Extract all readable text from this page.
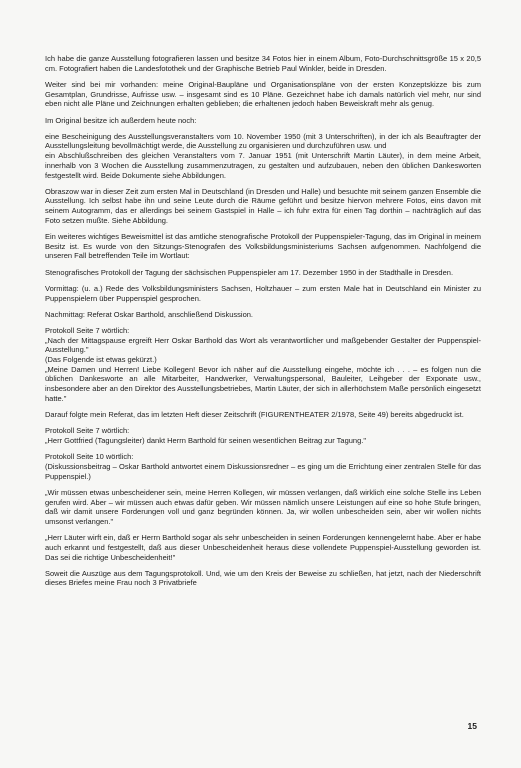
Ich habe die ganze Ausstellung fotografieren lassen und besitze 34 Fotos hier in einem Album, Foto-Durchschnittsgröße 15 x 20,5 cm. Fotografiert haben die Landesfotothek und der Graphische Betrieb Paul Winkler, beide in Dresden.

Weiter sind bei mir vorhanden: meine Original-Baupläne und Organisationspläne von der ersten Konzeptskizze bis zum Gesamtplan, Grundrisse, Aufrisse usw. – insgesamt sind es 10 Pläne. Gezeichnet habe ich damals natürlich viel mehr, nur sind eben nicht alle Pläne und Zeichnungen erhalten geblieben; die erhaltenen jedoch haben Beweiskraft mehr als genug.

Im Original besitze ich außerdem heute noch:

eine Bescheinigung des Ausstellungsveranstalters vom 10. November 1950 (mit 3 Unterschriften), in der ich als Beauftragter der Ausstellungsleitung bevollmächtigt werde, die Ausstellung zu organisieren und durchzuführen usw. und
ein Abschlußschreiben des gleichen Veranstalters vom 7. Januar 1951 (mit Unterschrift Martin Läuter), in dem meine Arbeit, innerhalb von 3 Wochen die Ausstellung zusammenzutragen, zu gestalten und aufzubauen, neben den üblichen Dankesworten festgestellt wird. Beide Dokumente siehe Abbildungen.

Obraszow war in dieser Zeit zum ersten Mal in Deutschland (in Dresden und Halle) und besuchte mit seinem ganzen Ensemble die Ausstellung. Ich selbst habe ihn und seine Leute durch die Räume geführt und besitze hiervon mehrere Fotos, eins davon mit seinem Autogramm, das er allerdings bei seinem Gastspiel in Halle – ich fuhr extra für einen Tag dorthin – nachträglich auf das Foto setzen mußte. Siehe Abbildung.

Ein weiteres wichtiges Beweismittel ist das amtliche stenografische Protokoll der Puppenspieler-Tagung, das im Original in meinem Besitz ist. Es wurde von den Sitzungs-Stenografen des Volksbildungsministeriums Sachsen aufgenommen. Nachfolgend die unseren Fall betreffenden Teile im Wortlaut:

Stenografisches Protokoll der Tagung der sächsischen Puppenspieler am 17. Dezember 1950 in der Stadthalle in Dresden.

Vormittag: (u. a.) Rede des Volksbildungsministers Sachsen, Holtzhauer – zum ersten Male hat in Deutschland ein Minister zu Puppenspielern über Puppenspiel gesprochen.

Nachmittag: Referat Oskar Barthold, anschließend Diskussion.

Protokoll Seite 7 wörtlich:
„Nach der Mittagspause ergreift Herr Oskar Barthold das Wort als verantwortlicher und maßgebender Gestalter der Puppenspiel-Ausstellung."
(Das Folgende ist etwas gekürzt.)
„Meine Damen und Herren! Liebe Kollegen! Bevor ich näher auf die Ausstellung eingehe, möchte ich . . . – es folgen nun die üblichen Dankesworte an alle Mitarbeiter, Handwerker, Verwaltungspersonal, Bauleiter, Leihgeber der Exponate usw., insbesondere aber an den Direktor des Ausstellungsbetriebes, Martin Läuter, der sich in allerhöchstem Maße persönlich eingesetzt hatte."

Darauf folgte mein Referat, das im letzten Heft dieser Zeitschrift (FIGURENTHEATER 2/1978, Seite 49) bereits abgedruckt ist.

Protokoll Seite 7 wörtlich:
„Herr Gottfried (Tagungsleiter) dankt Herrn Barthold für seinen wesentlichen Beitrag zur Tagung."

Protokoll Seite 10 wörtlich:
(Diskussionsbeitrag – Oskar Barthold antwortet einem Diskussionsredner – es ging um die Errichtung einer zentralen Stelle für das Puppenspiel.)

„Wir müssen etwas unbescheidener sein, meine Herren Kollegen, wir müssen verlangen, daß wirklich eine solche Stelle ins Leben gerufen wird. Aber – wir müssen auch etwas dafür geben. Wir müssen nämlich unsere Leistungen auf eine so hohe Stufe bringen, daß wir damit unsere Forderungen voll und ganz begründen können. Ja, wir wollen unbescheiden sein, aber wir wollen nichts umsonst verlangen."

„Herr Läuter wirft ein, daß er Herrn Barthold sogar als sehr unbescheiden in seinen Forderungen kennengelernt habe. Aber er habe auch erkannt und festgestellt, daß aus dieser Unbescheidenheit heraus diese vollendete Puppenspiel-Ausstellung geworden ist. Das sei die richtige Unbescheidenheit!"

Soweit die Auszüge aus dem Tagungsprotokoll. Und, wie um den Kreis der Beweise zu schließen, hat jetzt, nach der Niederschrift dieses Briefes meine Frau noch 3 Privatbriefe

15
